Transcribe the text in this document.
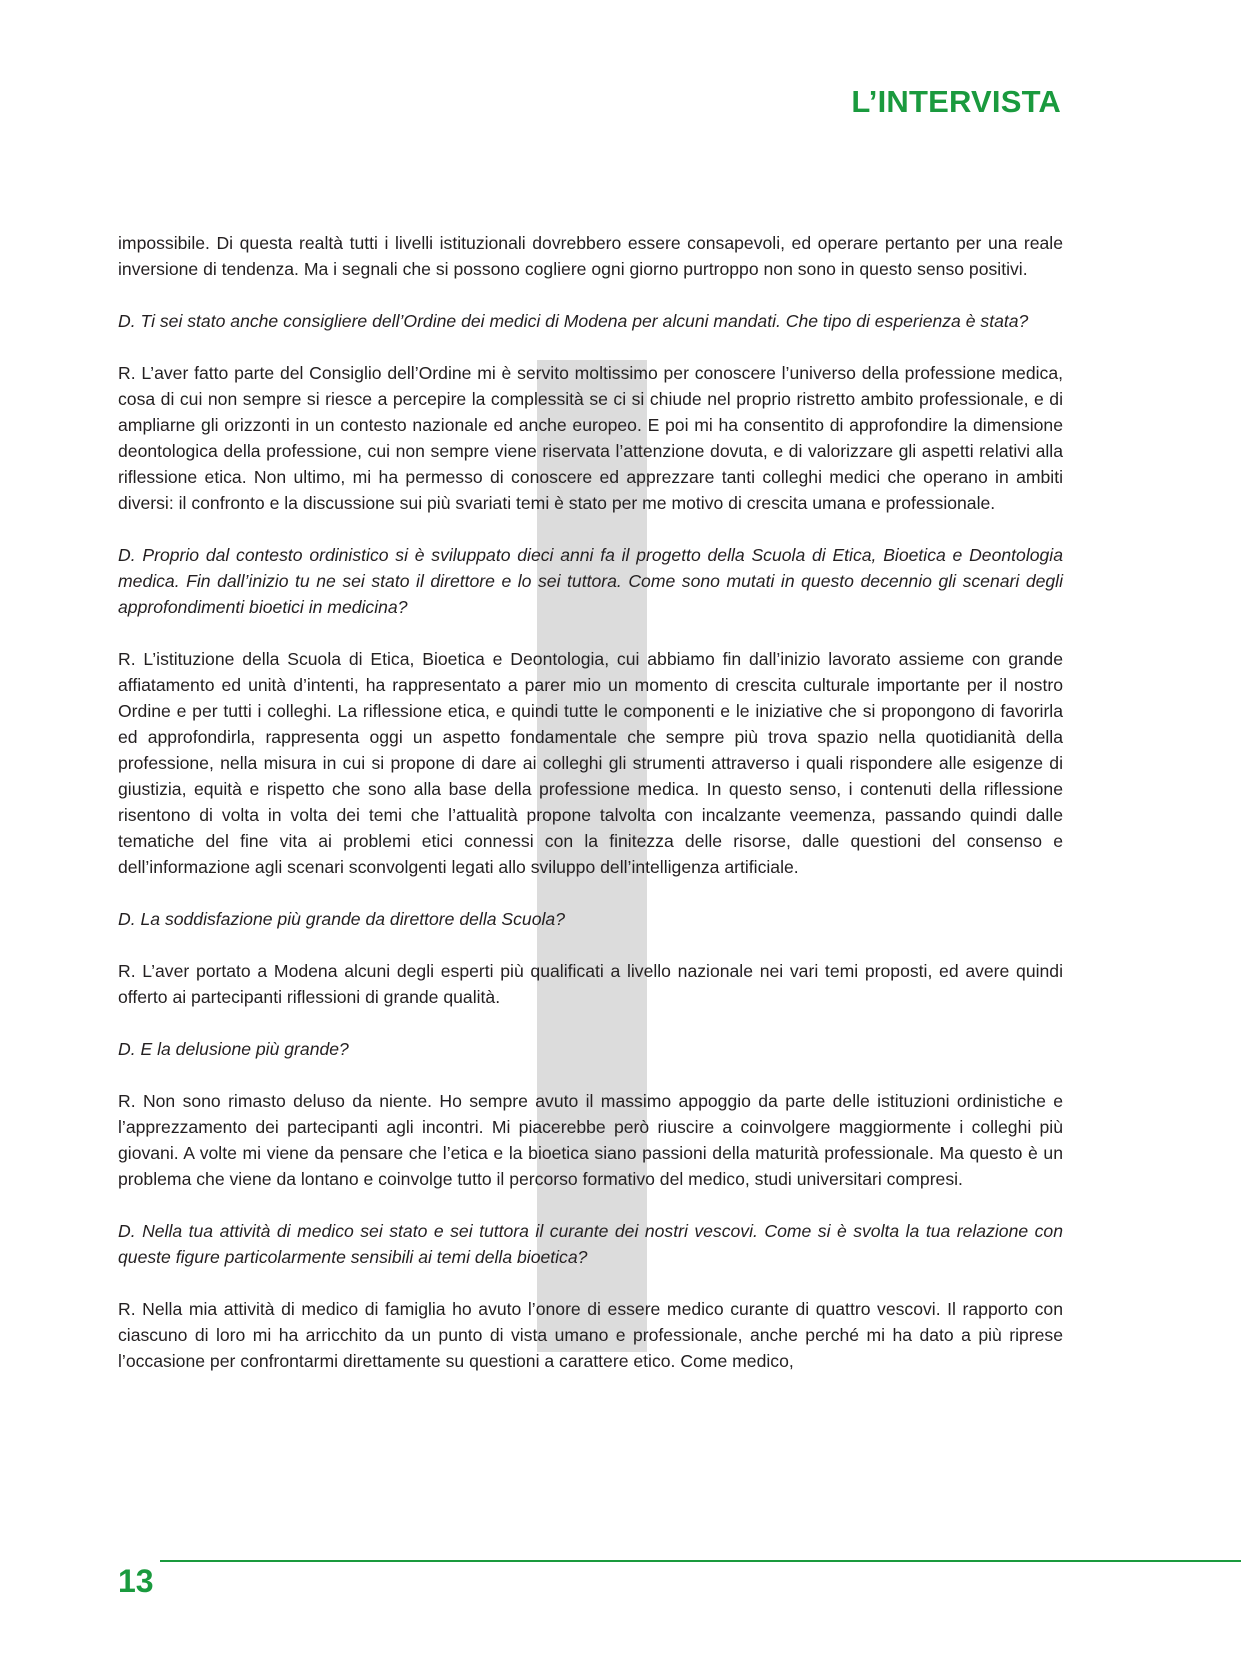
L’INTERVISTA

impossibile. Di questa realtà tutti i livelli istituzionali dovrebbero essere consapevoli, ed operare pertanto per una reale inversione di tendenza. Ma i segnali che si possono cogliere ogni giorno purtroppo non sono in questo senso positivi.

D. Ti sei stato anche consigliere dell’Ordine dei medici di Modena per alcuni mandati. Che tipo di esperienza è stata?

R. L’aver fatto parte del Consiglio dell’Ordine mi è servito moltissimo per conoscere l’universo della professione medica, cosa di cui non sempre si riesce a percepire la complessità se ci si chiude nel proprio ristretto ambito professionale, e di ampliarne gli orizzonti in un contesto nazionale ed anche europeo. E poi mi ha consentito di approfondire la dimensione deontologica della professione, cui non sempre viene riservata l’attenzione dovuta, e di valorizzare gli aspetti relativi alla riflessione etica. Non ultimo, mi ha permesso di conoscere ed apprezzare tanti colleghi medici che operano in ambiti diversi: il confronto e la discussione sui più svariati temi è stato per me motivo di crescita umana e professionale.

D. Proprio dal contesto ordinistico si è sviluppato dieci anni fa il progetto della Scuola di Etica, Bioetica e Deontologia medica. Fin dall’inizio tu ne sei stato il direttore e lo sei tuttora. Come sono mutati in questo decennio gli scenari degli approfondimenti bioetici in medicina?

R. L’istituzione della Scuola di Etica, Bioetica e Deontologia, cui abbiamo fin dall’inizio lavorato assieme con grande affiatamento ed unità d’intenti, ha rappresentato a parer mio un momento di crescita culturale importante per il nostro Ordine e per tutti i colleghi. La riflessione etica, e quindi tutte le componenti e le iniziative che si propongono di favorirla ed approfondirla, rappresenta oggi un aspetto fondamentale che sempre più trova spazio nella quotidianità della professione, nella misura in cui si propone di dare ai colleghi gli strumenti attraverso i quali rispondere alle esigenze di giustizia, equità e rispetto che sono alla base della professione medica. In questo senso, i contenuti della riflessione risentono di volta in volta dei temi che l’attualità propone talvolta con incalzante veemenza, passando quindi dalle tematiche del fine vita ai problemi etici connessi con la finitezza delle risorse, dalle questioni del consenso e dell’informazione agli scenari sconvolgenti legati allo sviluppo dell’intelligenza artificiale.

D. La soddisfazione più grande da direttore della Scuola?

R. L’aver portato a Modena alcuni degli esperti più qualificati a livello nazionale nei vari temi proposti, ed avere quindi offerto ai partecipanti riflessioni di grande qualità.

D. E la delusione più grande?

R. Non sono rimasto deluso da niente. Ho sempre avuto il massimo appoggio da parte delle istituzioni ordinistiche e l’apprezzamento dei partecipanti agli incontri. Mi piacerebbe però riuscire a coinvolgere maggiormente i colleghi più giovani. A volte mi viene da pensare che l’etica e la bioetica siano passioni della maturità professionale. Ma questo è un problema che viene da lontano e coinvolge tutto il percorso formativo del medico, studi universitari compresi.

D. Nella tua attività di medico sei stato e sei tuttora il curante dei nostri vescovi. Come si è svolta la tua relazione con queste figure particolarmente sensibili ai temi della bioetica?

R. Nella mia attività di medico di famiglia ho avuto l’onore di essere medico curante di quattro vescovi. Il rapporto con ciascuno di loro mi ha arricchito da un punto di vista umano e professionale, anche perché mi ha dato a più riprese l’occasione per confrontarmi direttamente su questioni a carattere etico. Come medico,

13
